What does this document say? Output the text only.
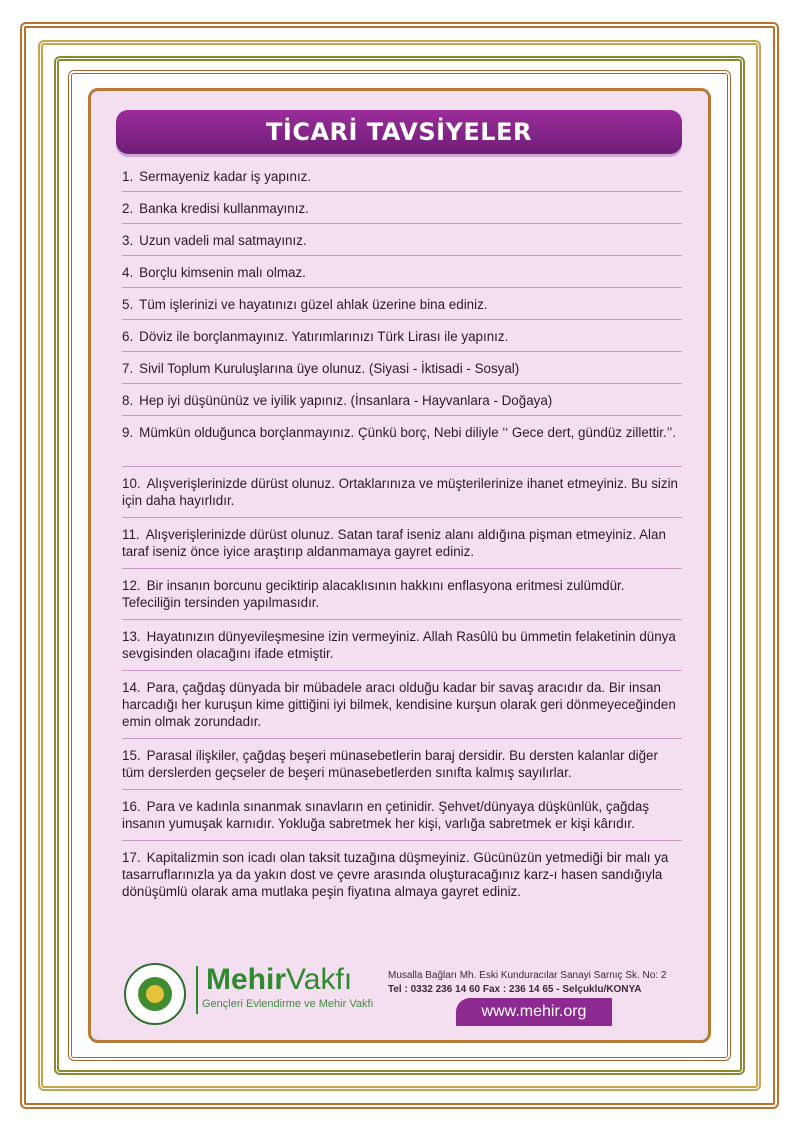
TİCARİ TAVSİYELER
1. Sermayeniz kadar iş yapınız.
2. Banka kredisi kullanmayınız.
3. Uzun vadeli mal satmayınız.
4. Borçlu kimsenin malı olmaz.
5. Tüm işlerinizi ve hayatınızı güzel ahlak üzerine bina ediniz.
6. Döviz ile borçlanmayınız. Yatırımlarınızı Türk Lirası ile yapınız.
7. Sivil Toplum Kuruluşlarına üye olunuz. (Siyasi - İktisadi - Sosyal)
8. Hep iyi düşününüz ve iyilik yapınız. (İnsanlara - Hayvanlara - Doğaya)
9. Mümkün olduğunca borçlanmayınız. Çünkü borç, Nebi diliyle ‘‘ Gece dert, gündüz zillettir.’’.
10. Alışverişlerinizde dürüst olunuz. Ortaklarınıza ve müşterilerinize ihanet etmeyiniz. Bu sizin için daha hayırlıdır.
11. Alışverişlerinizde dürüst olunuz. Satan taraf iseniz alanı aldığına pişman etmeyiniz. Alan taraf iseniz önce iyice araştırıp aldanmamaya gayret ediniz.
12. Bir insanın borcunu geciktirip alacaklısının hakkını enflasyona eritmesi zulümdür. Tefeciliğin tersinden yapılmasıdır.
13. Hayatınızın dünyevileşmesine izin vermeyiniz. Allah Rasûlü bu ümmetin felaketinin dünya sevgisinden olacağını ifade etmiştir.
14. Para, çağdaş dünyada bir mübadele aracı olduğu kadar bir savaş aracıdır da. Bir insan harcadığı her kuruşun kime gittiğini iyi bilmek, kendisine kurşun olarak geri dönmeyeceğinden emin olmak zorundadır.
15. Parasal ilişkiler, çağdaş beşeri münasebetlerin baraj dersidir. Bu dersten kalanlar diğer tüm derslerden geçseler de beşeri münasebetlerden sınıfta kalmış sayılırlar.
16. Para ve kadınla sınanmak sınavların en çetinidir. Şehvet/dünyaya düşkünlük, çağdaş insanın yumuşak karnıdır. Yokluğa sabretmek her kişi, varlığa sabretmek er kişi kârıdır.
17. Kapitalizmin son icadı olan taksit tuzağına düşmeyiniz. Gücünüzün yetmediği bir malı ya tasarruflarınızla ya da yakın dost ve çevre arasında oluşturacağınız karz-ı hasen sandığıyla dönüşümlü olarak ama mutlaka peşin fiyatına almaya gayret ediniz.
MehirVakfı
Gençleri Evlendirme ve Mehir Vakfı
Musalla Bağları Mh. Eski Kunduracılar Sanayi Sarnıç Sk. No: 2
Tel : 0332 236 14 60 Fax : 236 14 65 - Selçuklu/KONYA
www.mehir.org
